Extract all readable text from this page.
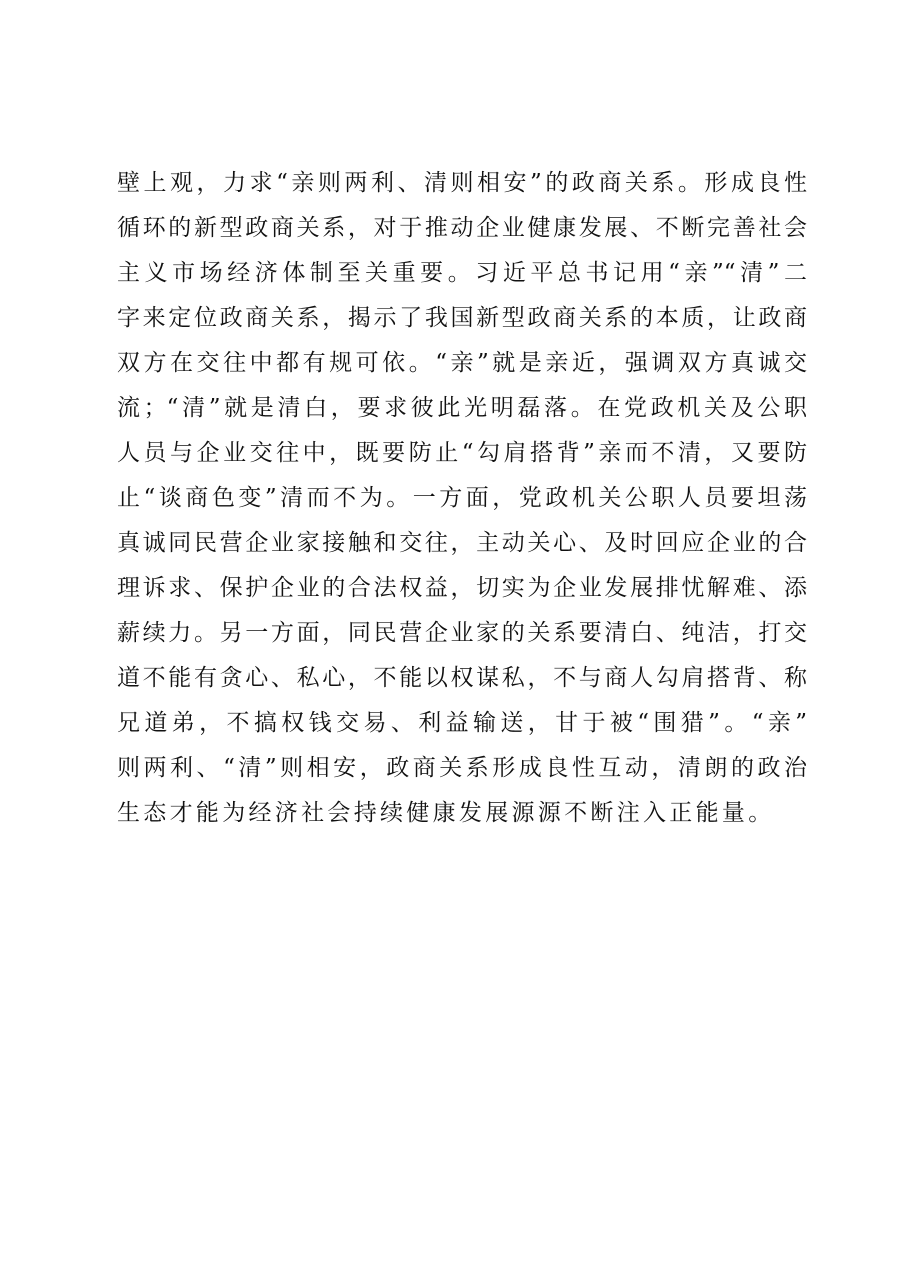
壁上观，力求“亲则两利、清则相安”的政商关系。形成良性
循环的新型政商关系，对于推动企业健康发展、不断完善社会
主义市场经济体制至关重要。习近平总书记用“亲”“清”二
字来定位政商关系，揭示了我国新型政商关系的本质，让政商
双方在交往中都有规可依。“亲”就是亲近，强调双方真诚交
流；“清”就是清白，要求彼此光明磊落。在党政机关及公职
人员与企业交往中，既要防止“勾肩搭背”亲而不清，又要防
止“谈商色变”清而不为。一方面，党政机关公职人员要坦荡
真诚同民营企业家接触和交往，主动关心、及时回应企业的合
理诉求、保护企业的合法权益，切实为企业发展排忧解难、添
薪续力。另一方面，同民营企业家的关系要清白、纯洁，打交
道不能有贪心、私心，不能以权谋私，不与商人勾肩搭背、称
兄道弟，不搞权钱交易、利益输送，甘于被“围猎”。“亲”
则两利、“清”则相安，政商关系形成良性互动，清朗的政治
生态才能为经济社会持续健康发展源源不断注入正能量。
